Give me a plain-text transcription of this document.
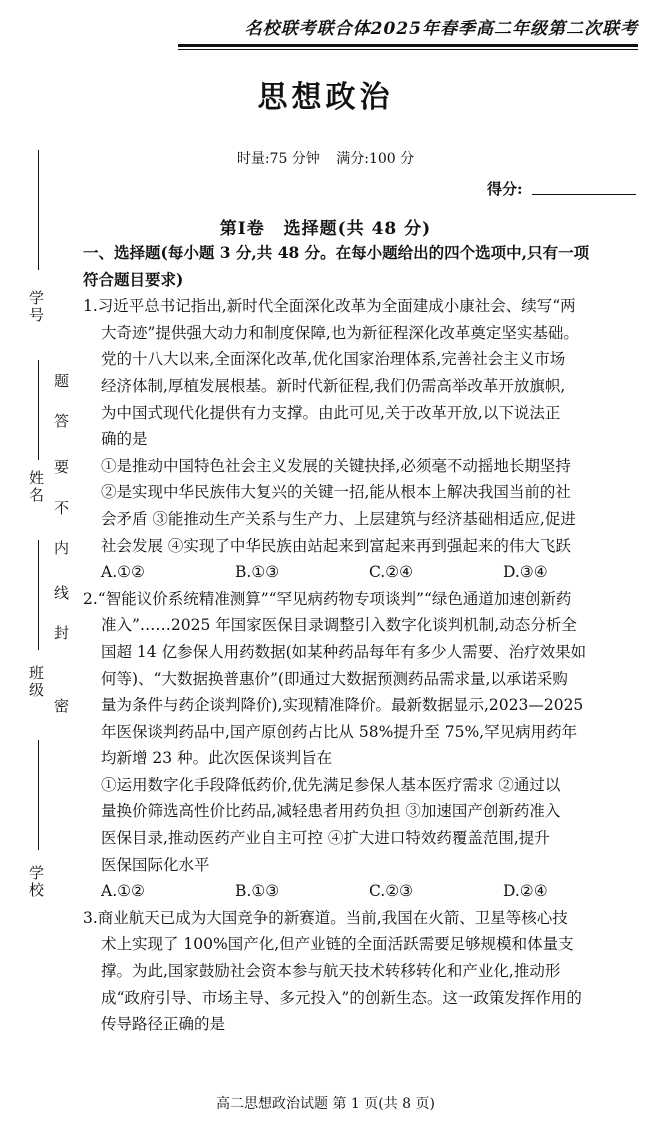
学号
姓名
班级
学校
密
封
线
内
不
要
答
题
名校联考联合体2025年春季高二年级第二次联考
思想政治
时量:75 分钟 满分:100 分
得分:
第Ⅰ卷 选择题(共 48 分)
一、选择题(每小题 3 分,共 48 分。在每小题给出的四个选项中,只有一项
符合题目要求)
1.习近平总书记指出,新时代全面深化改革为全面建成小康社会、续写“两
大奇迹”提供强大动力和制度保障,也为新征程深化改革奠定坚实基础。
党的十八大以来,全面深化改革,优化国家治理体系,完善社会主义市场
经济体制,厚植发展根基。新时代新征程,我们仍需高举改革开放旗帜,
为中国式现代化提供有力支撑。由此可见,关于改革开放,以下说法正
确的是
①是推动中国特色社会主义发展的关键抉择,必须毫不动摇地长期坚持
②是实现中华民族伟大复兴的关键一招,能从根本上解决我国当前的社
会矛盾 ③能推动生产关系与生产力、上层建筑与经济基础相适应,促进
社会发展 ④实现了中华民族由站起来到富起来再到强起来的伟大飞跃
A.①②	B.①③	C.②④	D.③④
2.“智能议价系统精准测算”“罕见病药物专项谈判”“绿色通道加速创新药
准入”……2025 年国家医保目录调整引入数字化谈判机制,动态分析全
国超 14 亿参保人用药数据(如某种药品每年有多少人需要、治疗效果如
何等)、“大数据换普惠价”(即通过大数据预测药品需求量,以承诺采购
量为条件与药企谈判降价),实现精准降价。最新数据显示,2023—2025
年医保谈判药品中,国产原创药占比从 58%提升至 75%,罕见病用药年
均新增 23 种。此次医保谈判旨在
①运用数字化手段降低药价,优先满足参保人基本医疗需求 ②通过以
量换价筛选高性价比药品,减轻患者用药负担 ③加速国产创新药准入
医保目录,推动医药产业自主可控 ④扩大进口特效药覆盖范围,提升
医保国际化水平
A.①②	B.①③	C.②③	D.②④
3.商业航天已成为大国竞争的新赛道。当前,我国在火箭、卫星等核心技
术上实现了 100%国产化,但产业链的全面活跃需要足够规模和体量支
撑。为此,国家鼓励社会资本参与航天技术转移转化和产业化,推动形
成“政府引导、市场主导、多元投入”的创新生态。这一政策发挥作用的
传导路径正确的是
高二思想政治试题 第 1 页(共 8 页)
